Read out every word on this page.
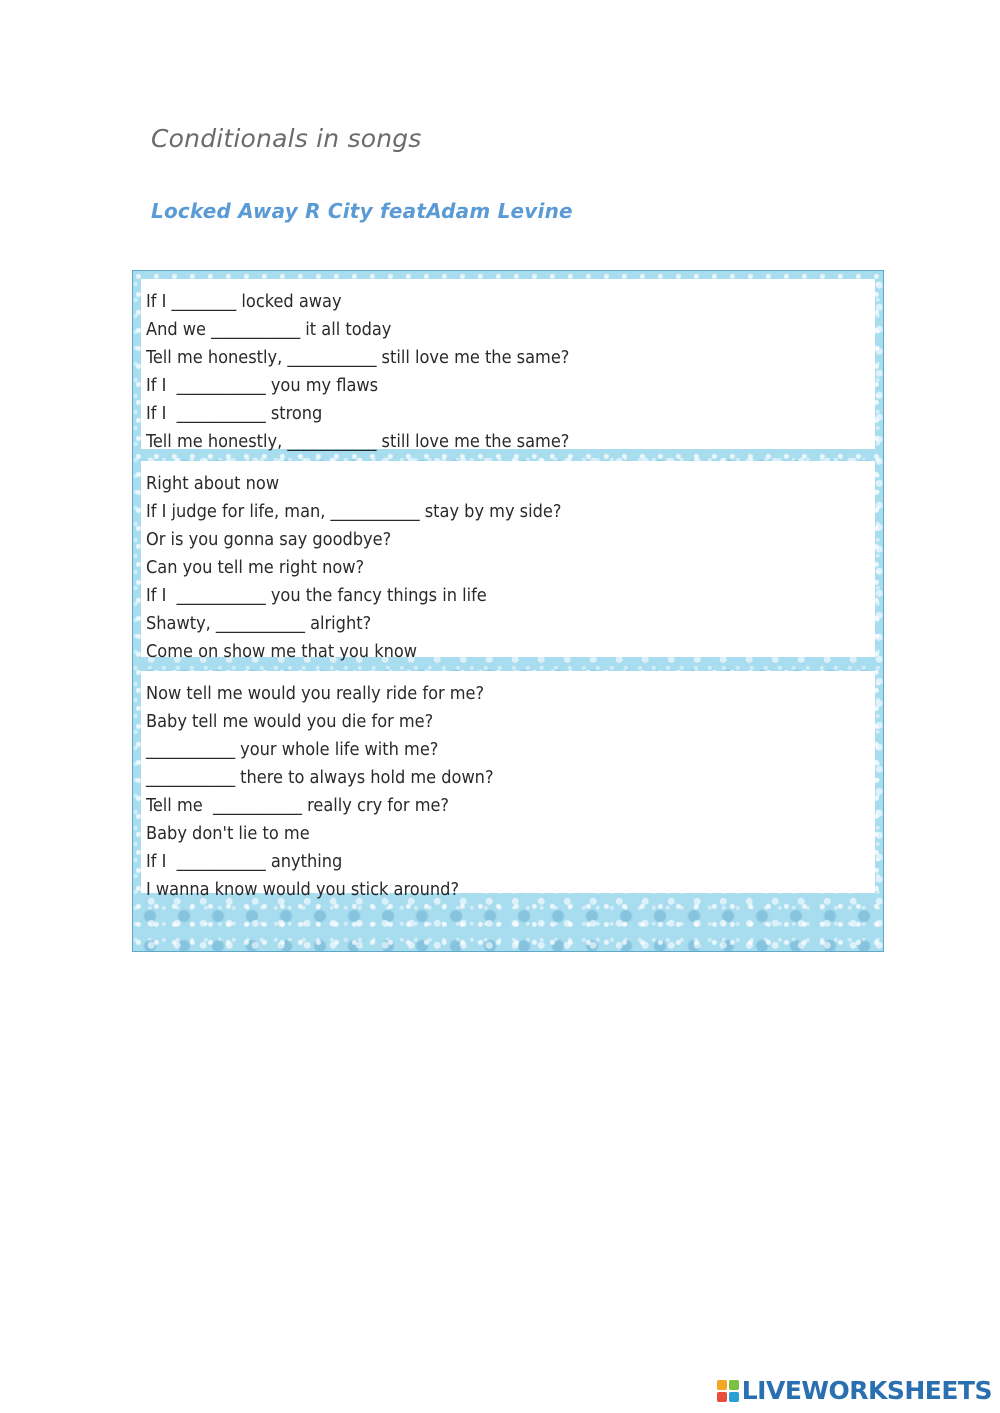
Conditionals in songs
Locked Away R City featAdam Levine
If I ________ locked away
And we ___________ it all today
Tell me honestly, ___________ still love me the same?
If I  ___________ you my flaws
If I  ___________ strong
Tell me honestly, ___________ still love me the same?
Right about now
If I judge for life, man, ___________ stay by my side?
Or is you gonna say goodbye?
Can you tell me right now?
If I  ___________ you the fancy things in life
Shawty, ___________ alright?
Come on show me that you know
Now tell me would you really ride for me?
Baby tell me would you die for me?
___________ your whole life with me?
___________ there to always hold me down?
Tell me  ___________ really cry for me?
Baby don't lie to me
If I  ___________ anything
I wanna know would you stick around?
LIVEWORKSHEETS
